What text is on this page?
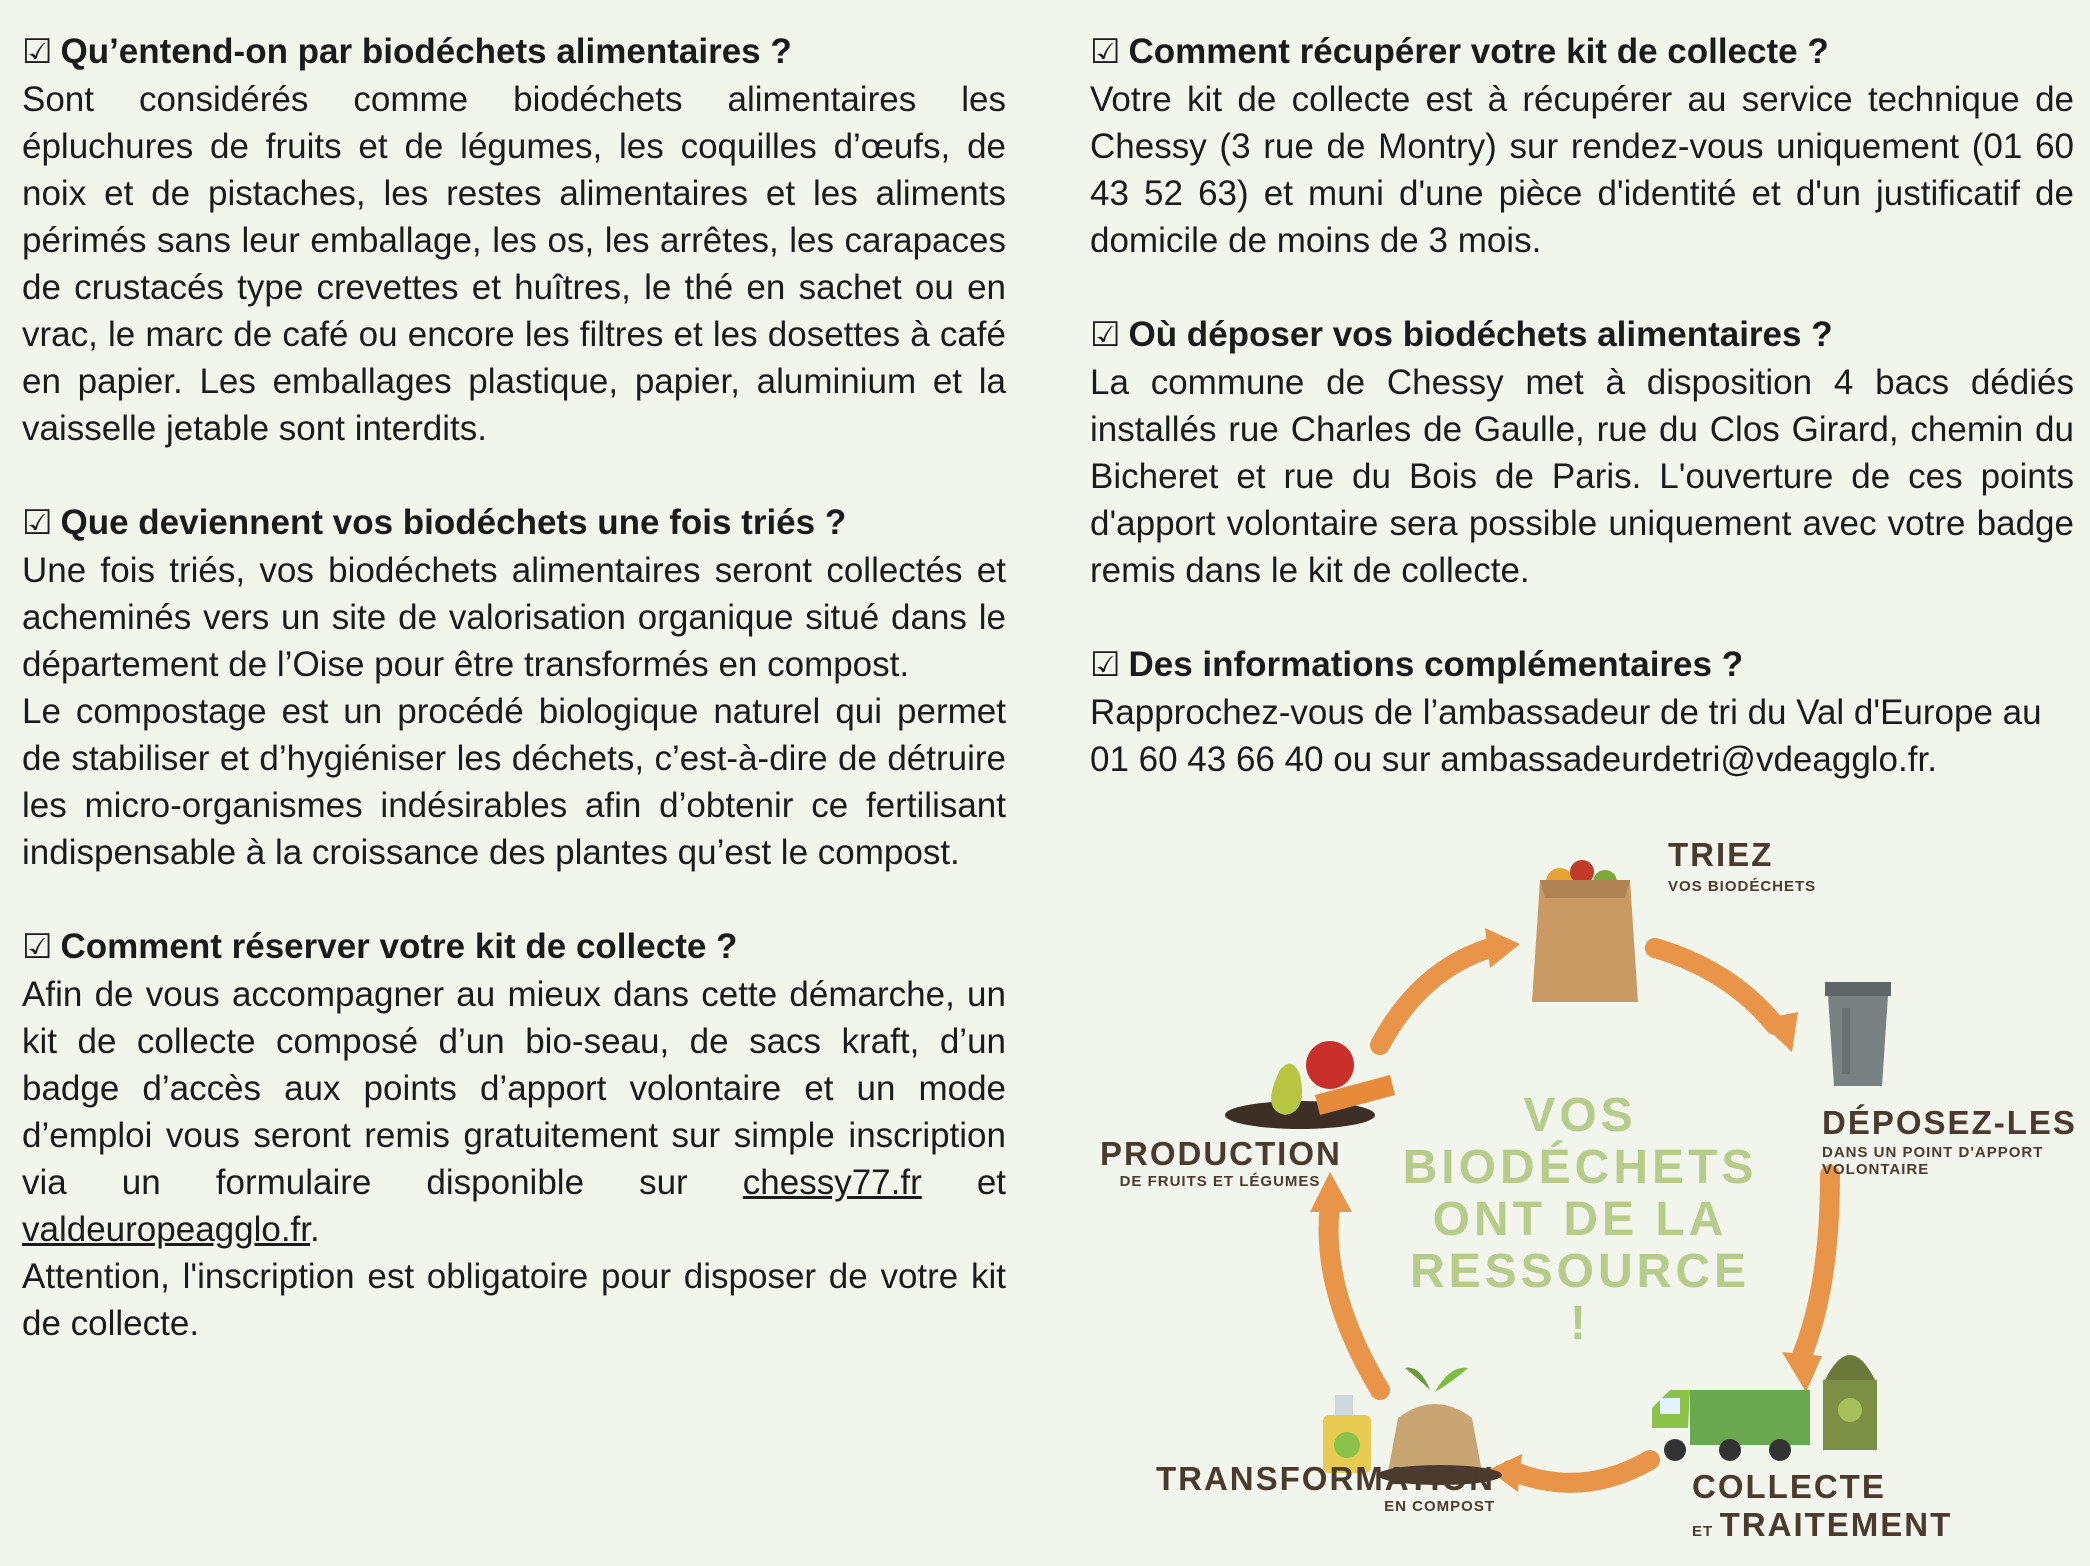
☑ Qu’entend-on par biodéchets alimentaires ?

Sont considérés comme biodéchets alimentaires les épluchures de fruits et de légumes, les coquilles d’œufs, de noix et de pistaches, les restes alimentaires et les aliments périmés sans leur emballage, les os, les arrêtes, les carapaces de crustacés type crevettes et huîtres, le thé en sachet ou en vrac, le marc de café ou encore les filtres et les dosettes à café en papier. Les emballages plastique, papier, aluminium et la vaisselle jetable sont interdits.

☑ Que deviennent vos biodéchets une fois triés ?

Une fois triés, vos biodéchets alimentaires seront collectés et acheminés vers un site de valorisation organique situé dans le département de l’Oise pour être transformés en compost.

Le compostage est un procédé biologique naturel qui permet de stabiliser et d’hygiéniser les déchets, c’est-à-dire de détruire les micro-organismes indésirables afin d’obtenir ce fertilisant indispensable à la croissance des plantes qu’est le compost.

☑ Comment réserver votre kit de collecte ?

Afin de vous accompagner au mieux dans cette démarche, un kit de collecte composé d’un bio-seau, de sacs kraft, d’un badge d’accès aux points d’apport volontaire et un mode d’emploi vous seront remis gratuitement sur simple inscription via un formulaire disponible sur chessy77.fr et valdeuropeagglo.fr.

Attention, l'inscription est obligatoire pour disposer de votre kit de collecte.

☑ Comment récupérer votre kit de collecte ?

Votre kit de collecte est à récupérer au service technique de Chessy (3 rue de Montry) sur rendez-vous uniquement (01 60 43 52 63) et muni d'une pièce d'identité et d'un justificatif de domicile de moins de 3 mois.

☑ Où déposer vos biodéchets alimentaires ?

La commune de Chessy met à disposition 4 bacs dédiés installés rue Charles de Gaulle, rue du Clos Girard, chemin du Bicheret et rue du Bois de Paris. L'ouverture de ces points d'apport volontaire sera possible uniquement avec votre badge remis dans le kit de collecte.

☑ Des informations complémentaires ?

Rapprochez-vous de l’ambassadeur de tri du Val d'Europe au 01 60 43 66 40 ou sur ambassadeurdetri@vdeagglo.fr.

VOS
BIODÉCHETS
ONT DE LA
RESSOURCE !
TRIEZ
VOS BIODÉCHETS
DÉPOSEZ-LES
DANS UN POINT D'APPORT
VOLONTAIRE
COLLECTE
ET TRAITEMENT
TRANSFORMATION
EN COMPOST
PRODUCTION
DE FRUITS ET LÉGUMES
